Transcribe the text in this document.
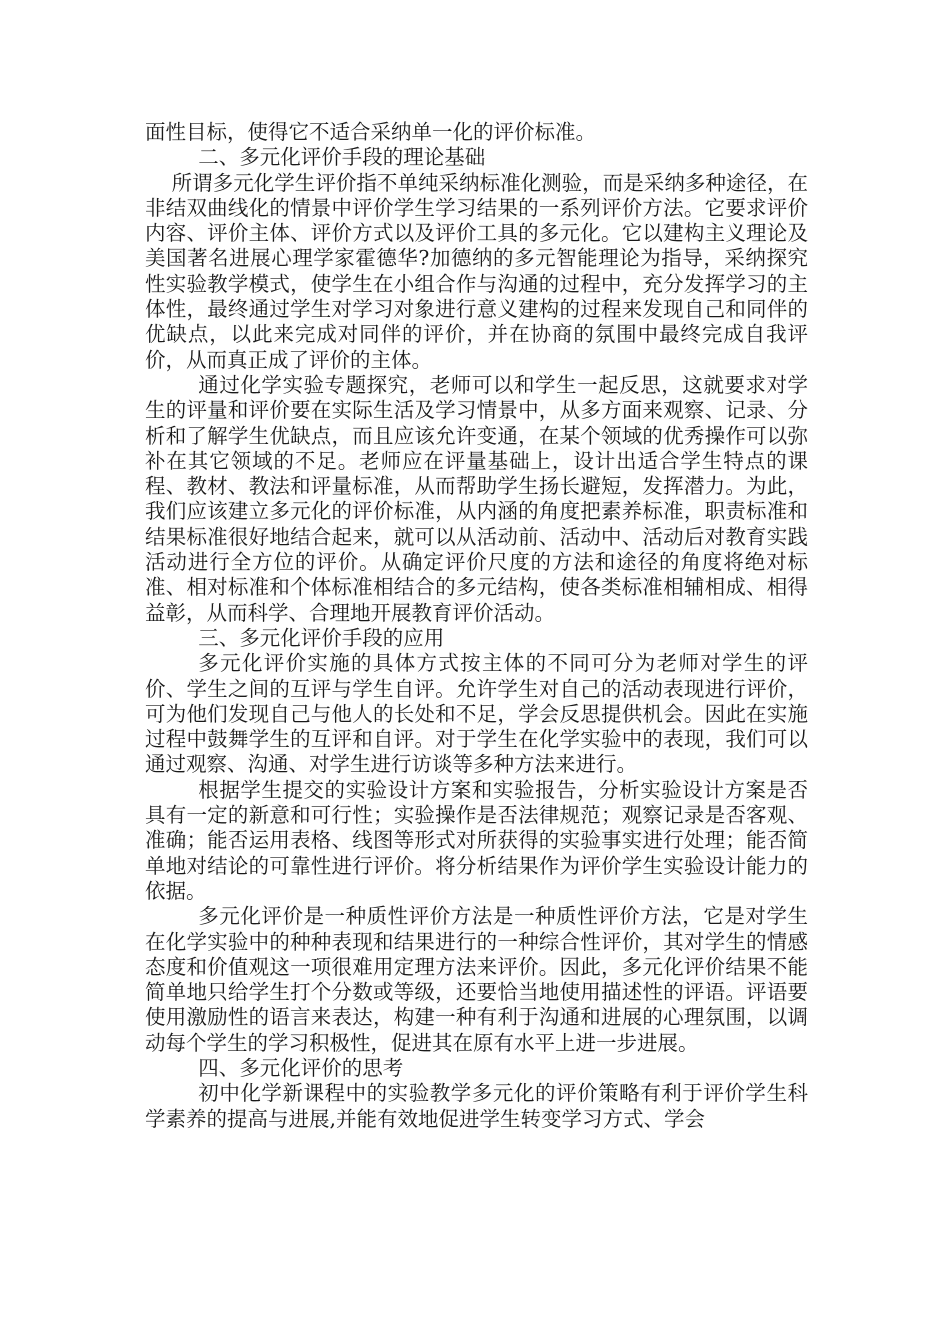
面性目标，使得它不适合采纳单一化的评价标准。

二、多元化评价手段的理论基础

所谓多元化学生评价指不单纯采纳标准化测验，而是采纳多种途径，在非结双曲线化的情景中评价学生学习结果的一系列评价方法。它要求评价内容、评价主体、评价方式以及评价工具的多元化。它以建构主义理论及美国著名进展心理学家霍德华?加德纳的多元智能理论为指导，采纳探究性实验教学模式，使学生在小组合作与沟通的过程中，充分发挥学习的主体性，最终通过学生对学习对象进行意义建构的过程来发现自己和同伴的优缺点，以此来完成对同伴的评价，并在协商的氛围中最终完成自我评价，从而真正成了评价的主体。

通过化学实验专题探究，老师可以和学生一起反思，这就要求对学生的评量和评价要在实际生活及学习情景中，从多方面来观察、记录、分析和了解学生优缺点，而且应该允许变通，在某个领域的优秀操作可以弥补在其它领域的不足。老师应在评量基础上，设计出适合学生特点的课程、教材、教法和评量标准，从而帮助学生扬长避短，发挥潜力。为此，我们应该建立多元化的评价标准，从内涵的角度把素养标准，职责标准和结果标准很好地结合起来，就可以从活动前、活动中、活动后对教育实践活动进行全方位的评价。从确定评价尺度的方法和途径的角度将绝对标准、相对标准和个体标准相结合的多元结构，使各类标准相辅相成、相得益彰，从而科学、合理地开展教育评价活动。

三、多元化评价手段的应用

多元化评价实施的具体方式按主体的不同可分为老师对学生的评价、学生之间的互评与学生自评。允许学生对自己的活动表现进行评价，可为他们发现自己与他人的长处和不足，学会反思提供机会。因此在实施过程中鼓舞学生的互评和自评。对于学生在化学实验中的表现，我们可以通过观察、沟通、对学生进行访谈等多种方法来进行。

根据学生提交的实验设计方案和实验报告，分析实验设计方案是否具有一定的新意和可行性；实验操作是否法律规范；观察记录是否客观、准确；能否运用表格、线图等形式对所获得的实验事实进行处理；能否简单地对结论的可靠性进行评价。将分析结果作为评价学生实验设计能力的依据。

多元化评价是一种质性评价方法是一种质性评价方法，它是对学生在化学实验中的种种表现和结果进行的一种综合性评价，其对学生的情感态度和价值观这一项很难用定理方法来评价。因此，多元化评价结果不能简单地只给学生打个分数或等级，还要恰当地使用描述性的评语。评语要使用激励性的语言来表达，构建一种有利于沟通和进展的心理氛围，以调动每个学生的学习积极性，促进其在原有水平上进一步进展。

四、多元化评价的思考

初中化学新课程中的实验教学多元化的评价策略有利于评价学生科学素养的提高与进展,并能有效地促进学生转变学习方式、学会
